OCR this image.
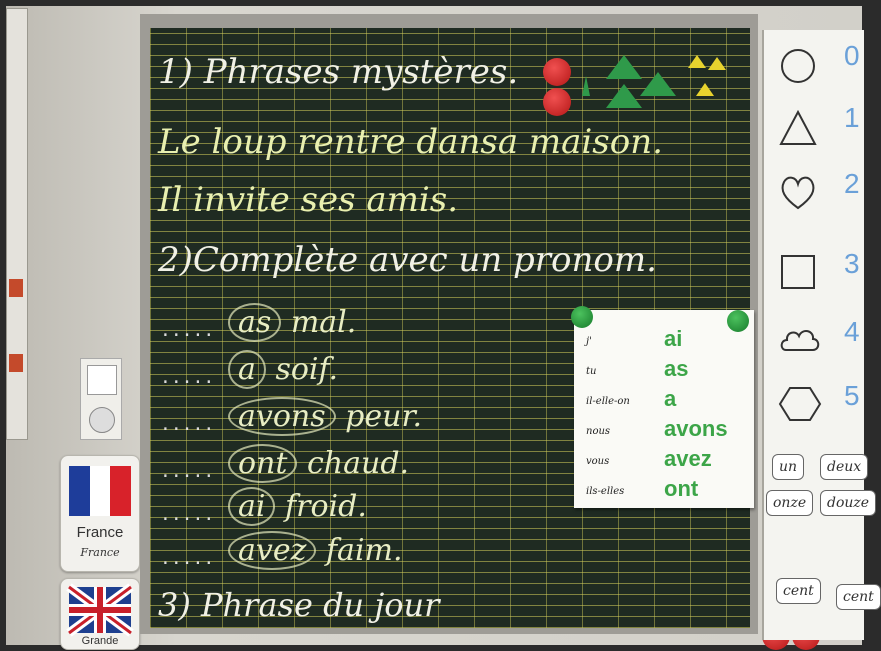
France
France
Grande
1) Phrases mystères.
Le loup rentre dansa maison.
Il invite ses amis.
2)Complète avec un pronom.
..... as mal.
..... a soif.
..... avons peur.
..... ont chaud.
..... ai froid.
..... avez faim.
3) Phrase du jour
j'	ai
tu	as
il-elle-on a
nous avons
vous avez
ils-elles ont
0
1
2
3
4
5
un	deux
onze	douze
cent	cent
